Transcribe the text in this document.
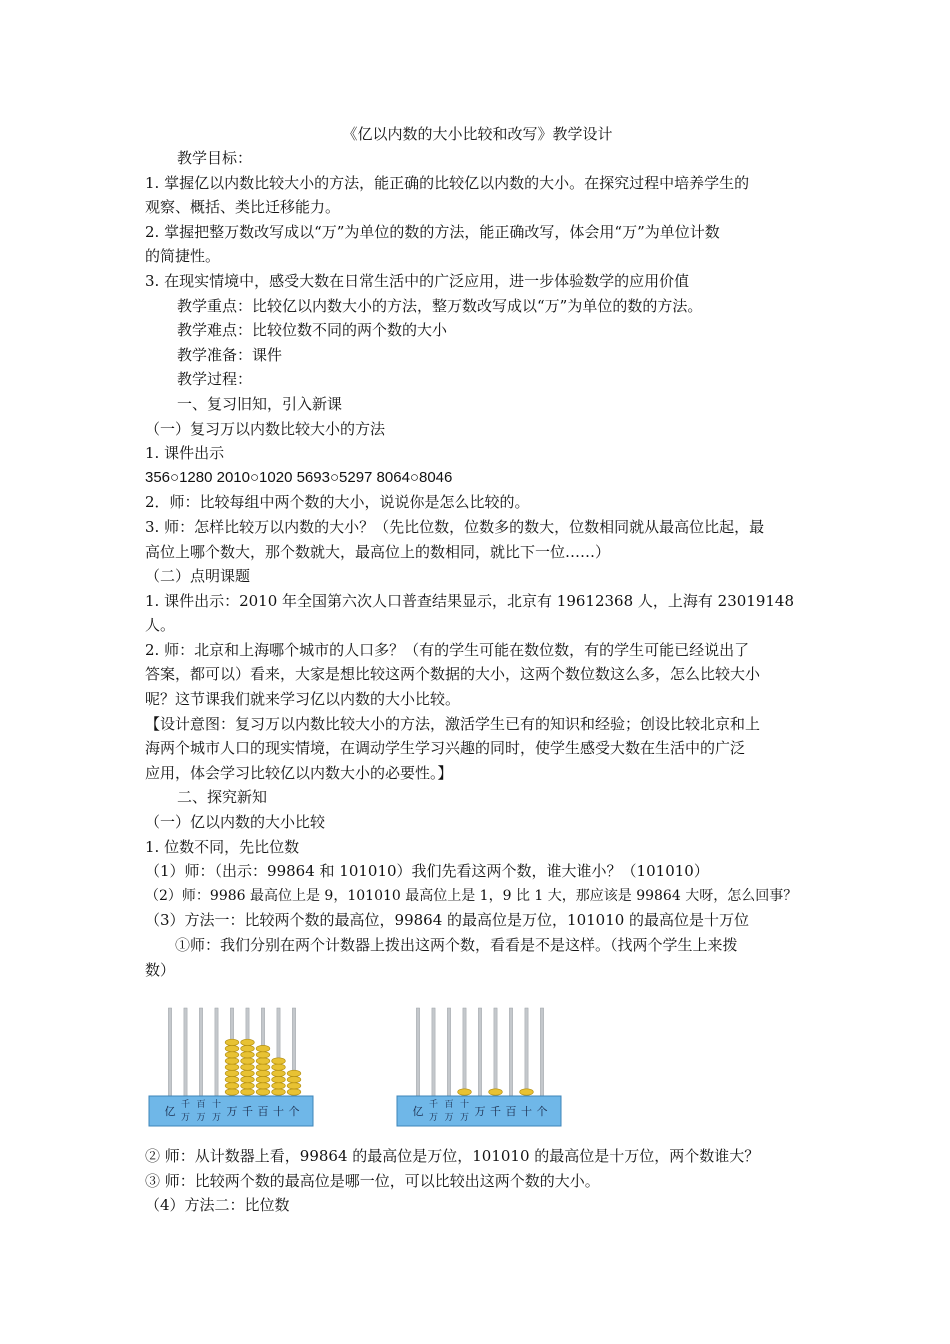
《亿以内数的大小比较和改写》教学设计
教学目标：
1. 掌握亿以内数比较大小的方法，能正确的比较亿以内数的大小。在探究过程中培养学生的
观察、概括、类比迁移能力。
2. 掌握把整万数改写成以“万”为单位的数的方法，能正确改写，体会用“万”为单位计数
的简捷性。
3. 在现实情境中，感受大数在日常生活中的广泛应用，进一步体验数学的应用价值
教学重点：比较亿以内数大小的方法，整万数改写成以“万”为单位的数的方法。
教学难点：比较位数不同的两个数的大小
教学准备：课件
教学过程：
一、复习旧知，引入新课
（一）复习万以内数比较大小的方法
1. 课件出示
356○1280 2010○1020 5693○5297 8064○8046
2．师：比较每组中两个数的大小，说说你是怎么比较的。
3. 师：怎样比较万以内数的大小？（先比位数，位数多的数大，位数相同就从最高位比起，最
高位上哪个数大，那个数就大，最高位上的数相同，就比下一位……）
（二）点明课题
1. 课件出示：2010 年全国第六次人口普查结果显示，北京有 19612368 人，上海有 23019148
人。
2. 师：北京和上海哪个城市的人口多？（有的学生可能在数位数，有的学生可能已经说出了
答案，都可以）看来，大家是想比较这两个数据的大小，这两个数位数这么多，怎么比较大小
呢？这节课我们就来学习亿以内数的大小比较。
【设计意图：复习万以内数比较大小的方法，激活学生已有的知识和经验；创设比较北京和上
海两个城市人口的现实情境，在调动学生学习兴趣的同时，使学生感受大数在生活中的广泛
应用，体会学习比较亿以内数大小的必要性。】
二、探究新知
（一）亿以内数的大小比较
1. 位数不同，先比位数
（1）师：（出示：99864 和 101010）我们先看这两个数，谁大谁小？（101010）
（2）师：9986 最高位上是 9，101010 最高位上是 1，9 比 1 大，那应该是 99864 大呀，怎么回事？
（3）方法一：比较两个数的最高位，99864 的最高位是万位，101010 的最高位是十万位
①师：我们分别在两个计数器上拨出这两个数，看看是不是这样。（找两个学生上来拨
数）
亿 千
万
百
万
十
万 万 千 百 十 个	亿 千
万
百
万
十
万 万 千 百 十 个
② 师：从计数器上看，99864 的最高位是万位，101010 的最高位是十万位，两个数谁大？
③ 师：比较两个数的最高位是哪一位，可以比较出这两个数的大小。
（4）方法二：比位数
